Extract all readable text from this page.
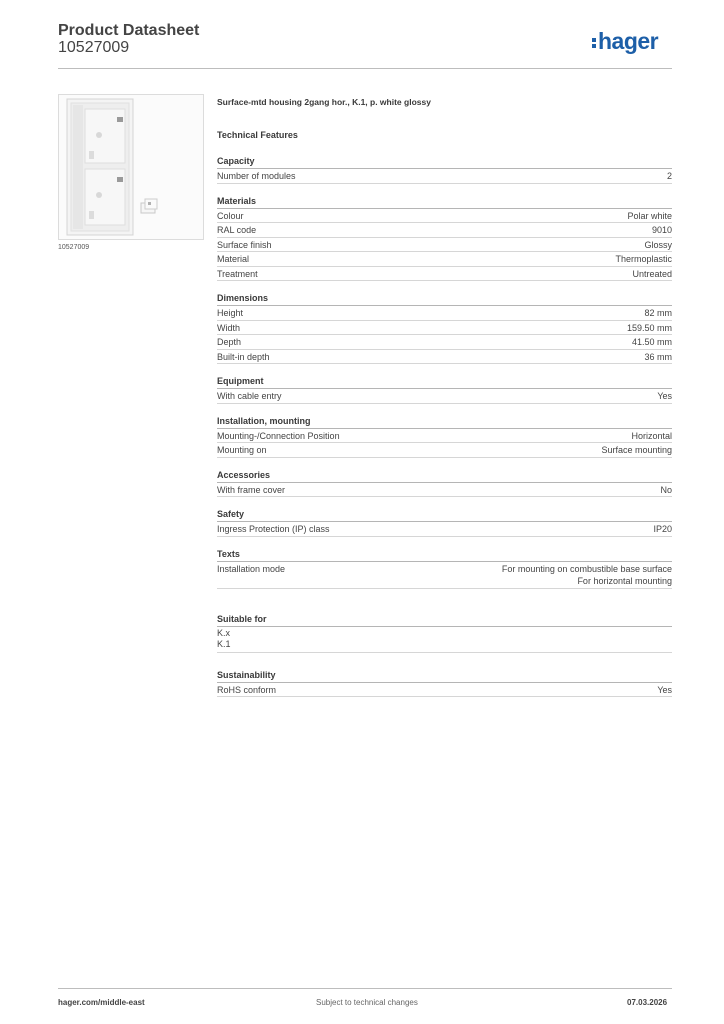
Product Datasheet
10527009	hager
10527009
Surface-mtd housing 2gang hor., K.1, p. white glossy
Technical Features
Capacity
Number of modules	2
Materials
Colour	Polar white
RAL code	9010
Surface finish	Glossy
Material	Thermoplastic
Treatment	Untreated
Dimensions
Height	82 mm
Width	159.50 mm
Depth	41.50 mm
Built-in depth	36 mm
Equipment
With cable entry	Yes
Installation, mounting
Mounting-/Connection Position	Horizontal
Mounting on	Surface mounting
Accessories
With frame cover	No
Safety
Ingress Protection (IP) class	IP20
Texts
Installation mode	For mounting on combustible base surface
For horizontal mounting
Suitable for
K.x
K.1
Sustainability
RoHS conform	Yes
hager.com/middle-east	Subject to technical changes	07.03.2026
